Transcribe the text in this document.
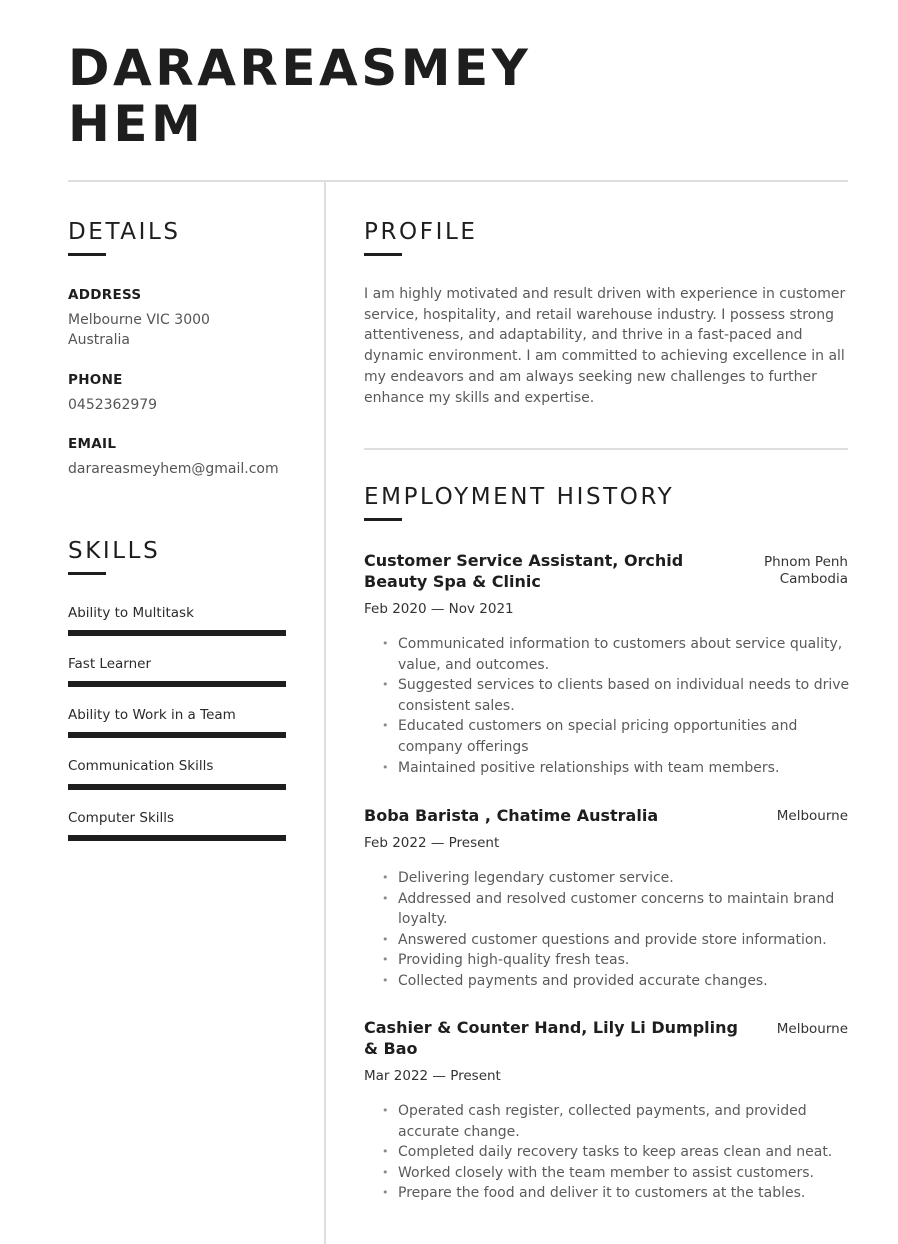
DARAREASMEY
HEM
DETAILS
ADDRESS
Melbourne VIC 3000
Australia
PHONE
0452362979
EMAIL
darareasmeyhem@gmail.com
SKILLS
Ability to Multitask
Fast Learner
Ability to Work in a Team
Communication Skills
Computer Skills
PROFILE
I am highly motivated and result driven with experience in customer service, hospitality, and retail warehouse industry. I possess strong attentiveness, and adaptability, and thrive in a fast-paced and dynamic environment. I am committed to achieving excellence in all my endeavors and am always seeking new challenges to further enhance my skills and expertise.
EMPLOYMENT HISTORY
Customer Service Assistant, Orchid Beauty Spa & Clinic
Phnom Penh
Cambodia
Feb 2020 — Nov 2021
• Communicated information to customers about service quality, value, and outcomes.
• Suggested services to clients based on individual needs to drive consistent sales.
• Educated customers on special pricing opportunities and company offerings
• Maintained positive relationships with team members.
Boba Barista , Chatime Australia	Melbourne
Feb 2022 — Present
• Delivering legendary customer service.
• Addressed and resolved customer concerns to maintain brand loyalty.
• Answered customer questions and provide store information.
• Providing high-quality fresh teas.
• Collected payments and provided accurate changes.
Cashier & Counter Hand, Lily Li Dumpling & Bao
Melbourne
Mar 2022 — Present
• Operated cash register, collected payments, and provided accurate change.
• Completed daily recovery tasks to keep areas clean and neat.
• Worked closely with the team member to assist customers.
• Prepare the food and deliver it to customers at the tables.
